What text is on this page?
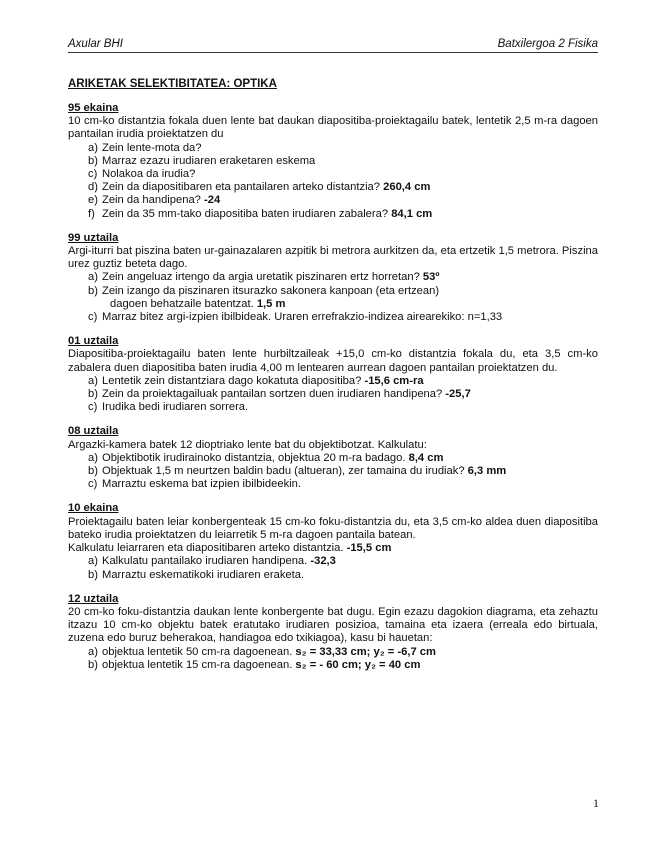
Axular BHI	Batxilergoa 2 Fisika
ARIKETAK SELEKTIBITATEA: OPTIKA
95 ekaina
10 cm-ko distantzia fokala duen lente bat daukan diapositiba-proiektagailu batek, lentetik 2,5 m-ra dagoen pantailan irudia proiektatzen du
a) Zein lente-mota da?
b) Marraz ezazu irudiaren eraketaren eskema
c) Nolakoa da irudia?
d) Zein da diapositibaren eta pantailaren arteko distantzia? 260,4 cm
e) Zein da handipena? -24
f) Zein da 35 mm-tako diapositiba baten irudiaren zabalera? 84,1 cm
99 uztaila
Argi-iturri bat piszina baten ur-gainazalaren azpitik bi metrora aurkitzen da, eta ertzetik 1,5 metrora. Piszina urez guztiz beteta dago.
a) Zein angeluaz irtengo da argia uretatik piszinaren ertz horretan? 53º
b) Zein izango da piszinaren itsurazko sakonera kanpoan (eta ertzean)
dagoen behatzaile batentzat. 1,5 m
c) Marraz bitez argi-izpien ibilbideak. Uraren errefrakzio-indizea airearekiko: n=1,33
01 uztaila
Diapositiba-proiektagailu baten lente hurbiltzaileak +15,0 cm-ko distantzia fokala du, eta 3,5 cm-ko zabalera duen diapositiba baten irudia 4,00 m lentearen aurrean dagoen pantailan proiektatzen du.
a) Lentetik zein distantziara dago kokatuta diapositiba? -15,6 cm-ra
b) Zein da proiektagailuak pantailan sortzen duen irudiaren handipena? -25,7
c) Irudika bedi irudiaren sorrera.
08 uztaila
Argazki-kamera batek 12 dioptriako lente bat du objektibotzat. Kalkulatu:
a) Objektibotik irudirainoko distantzia, objektua 20 m-ra badago. 8,4 cm
b) Objektuak 1,5 m neurtzen baldin badu (altueran), zer tamaina du irudiak? 6,3 mm
c) Marraztu eskema bat izpien ibilbideekin.
10 ekaina
Proiektagailu baten leiar konbergenteak 15 cm-ko foku-distantzia du, eta 3,5 cm-ko aldea duen diapositiba bateko irudia proiektatzen du leiarretik 5 m-ra dagoen pantaila batean.
Kalkulatu leiarraren eta diapositibaren arteko distantzia. -15,5 cm
a) Kalkulatu pantailako irudiaren handipena. -32,3
b) Marraztu eskematikoki irudiaren eraketa.
12 uztaila
20 cm-ko foku-distantzia daukan lente konbergente bat dugu. Egin ezazu dagokion diagrama, eta zehaztu itzazu 10 cm-ko objektu batek eratutako irudiaren posizioa, tamaina eta izaera (erreala edo birtuala, zuzena edo buruz beherakoa, handiagoa edo txikiagoa), kasu bi hauetan:
a) objektua lentetik 50 cm-ra dagoenean. s₂ = 33,33 cm; y₂ = -6,7 cm
b) objektua lentetik 15 cm-ra dagoenean. s₂ = - 60 cm; y₂ = 40 cm
1
